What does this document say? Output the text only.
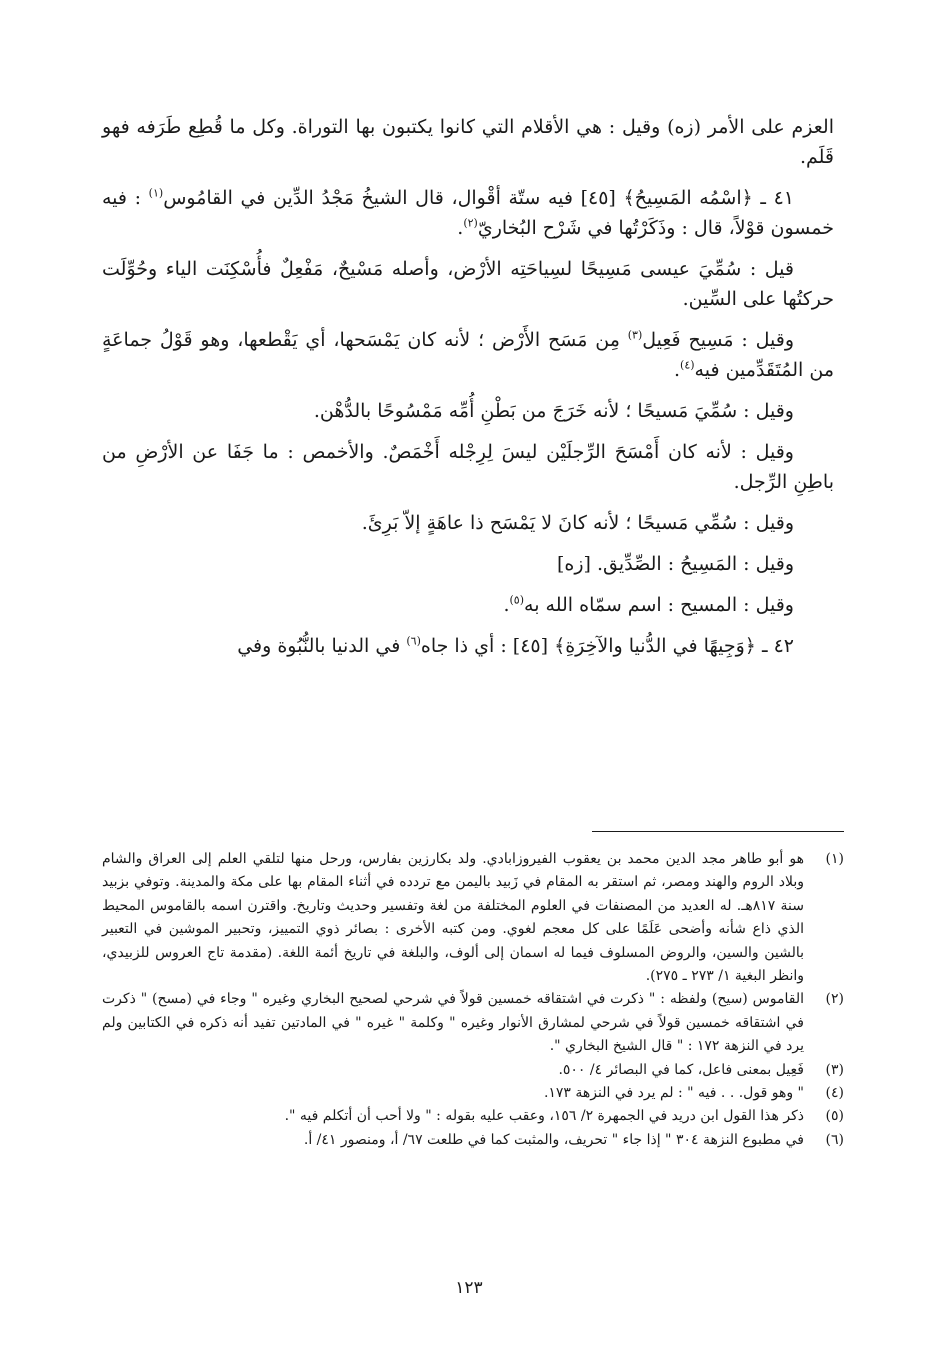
العزم على الأمر (زه) وقيل : هي الأقلام التي كانوا يكتبون بها التوراة. وكل ما قُطِع طَرَفه فهو قَلَم.

٤١ ـ ﴿اسْمُه المَسِيحُ﴾ [٤٥] فيه ستّة أقْوال، قال الشيخُ مَجْدُ الدِّين في القامُوس$^{(١)}$ : فيه خمسون قوْلاً، قال : وذَكَرْتُها في شَرْح البُخاريّ$^{(٢)}$.

قيل : سُمِّيَ عيسى مَسِيحًا لسِياحَتِه الأرْض، وأصله مَسْيحٌ، مَفْعِلٌ فأُسْكِنَت الياء وحُوِّلَت حركتُها على السِّين.

وقيل : مَسِيح فَعِيل$^{(٣)}$ مِن مَسَح الأَرْض ؛ لأنه كان يَمْسَحها، أي يَقْطعها، وهو قَوْلُ جماعَةٍ من المُتَقَدِّمين فيه$^{(٤)}$.

وقيل : سُمِّيَ مَسيحًا ؛ لأنه خَرَجَ من بَطْنِ أُمِّه مَمْسُوحًا بالدُّهْن.

وقيل : لأنه كان أَمْسَحَ الرِّجلَيْن ليسَ لِرِجْله أَخْمَصٌ. والأخمص : ما جَفَا عن الأرْضِ من باطِنِ الرِّجل.

وقيل : سُمِّي مَسيحًا ؛ لأنه كانَ لا يَمْسَح ذا عاهَةٍ إلاّ بَرِئَ.

وقيل : المَسِيحُ : الصِّدِّيق. [زه]

وقيل : المسيح : اسم سمّاه الله به$^{(٥)}$.

٤٢ ـ ﴿وَجِيهًا في الدُّنيا والآخِرَةِ﴾ [٤٥] : أي ذا جاه$^{(٦)}$ في الدنيا بالنُّبُوة وفي

(١)
هو أبو طاهر مجد الدين محمد بن يعقوب الفيروزابادي. ولد بكارزين بفارس، ورحل منها لتلقي العلم إلى العراق والشام وبلاد الروم والهند ومصر، ثم استقر به المقام في زَبيد باليمن مع تردده في أثناء المقام بها على مكة والمدينة. وتوفي بزبيد سنة ٨١٧هـ. له العديد من المصنفات في العلوم المختلفة من لغة وتفسير وحديث وتاريخ. واقترن اسمه بالقاموس المحيط الذي ذاع شأنه وأضحى عَلَمًا على كل معجم لغوي. ومن كتبه الأخرى : بصائر ذوي التمييز، وتحبير الموشين في التعبير بالشين والسين، والروض المسلوف فيما له اسمان إلى ألوف، والبلغة في تاريخ أئمة اللغة. (مقدمة تاج العروس للزبيدي، وانظر البغية ١/ ٢٧٣ ـ ٢٧٥).
(٢)
القاموس (سيح) ولفظه : " ذكرت في اشتقاقه خمسين قولاً في شرحي لصحيح البخاري وغيره " وجاء في (مسح) " ذكرت في اشتقاقه خمسين قولاً في شرحي لمشارق الأنوار وغيره " وكلمة " غيره " في المادتين تفيد أنه ذكره في الكتابين ولم يرد في النزهة ١٧٢ : " قال الشيخ البخاري ".
(٣)
فَعِيل بمعنى فاعل، كما في البصائر ٤/ ٥٠٠.
(٤)
" وهو قول. . . فيه " : لم يرد في النزهة ١٧٣.
(٥)
ذكر هذا القول ابن دريد في الجمهرة ٢/ ١٥٦، وعقب عليه بقوله : " ولا أحب أن أتكلم فيه ".
(٦)
في مطبوع النزهة ٣٠٤ " إذا جاء " تحريف، والمثبت كما في طلعت ٦٧/ أ، ومنصور ٤١/ أ.
١٢٣
